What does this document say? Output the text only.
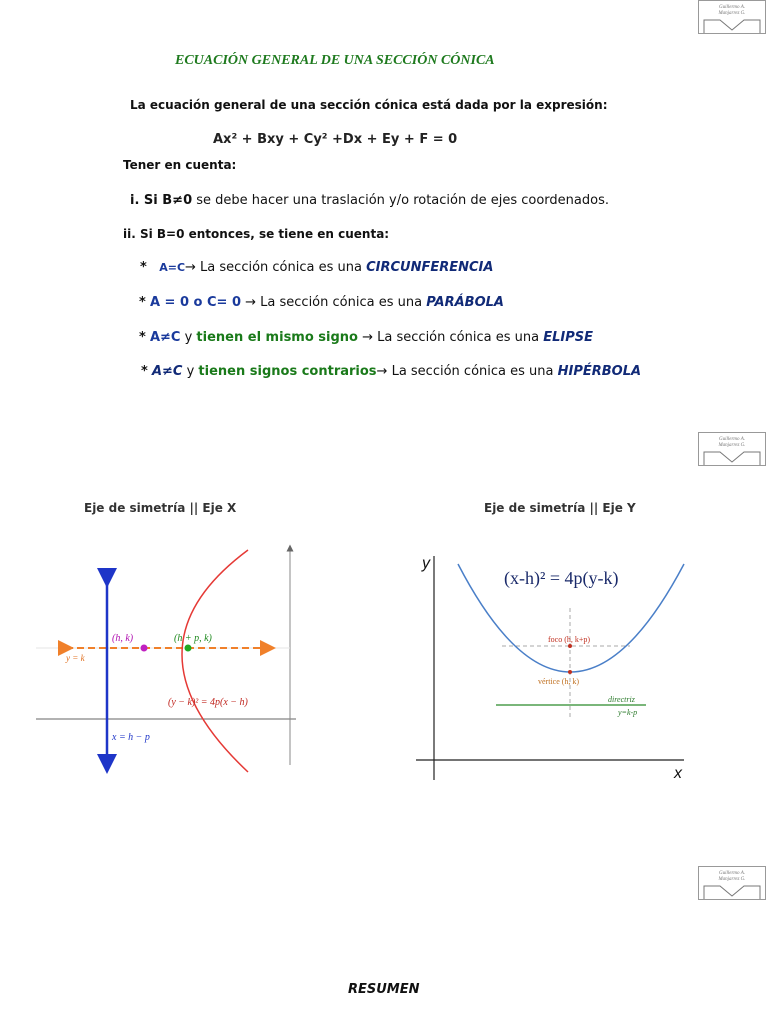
Guillermo A.
Manjarrez G.
Guillermo A.
Manjarrez G.
Guillermo A.
Manjarrez G.
ECUACIÓN GENERAL DE UNA SECCIÓN CÓNICA
La ecuación general de una sección cónica está dada por la expresión:
Ax² + Bxy + Cy² +Dx + Ey + F = 0
Tener en cuenta:
i. Si B≠0 se debe hacer una traslación y/o rotación de ejes coordenados.
ii. Si B=0 entonces, se tiene en cuenta:
* A=C→ La sección cónica es una CIRCUNFERENCIA
* A = 0 o C= 0 → La sección cónica es una PARÁBOLA
* A≠C y tienen el mismo signo → La sección cónica es una ELIPSE
* A≠C y tienen signos contrarios→ La sección cónica es una HIPÉRBOLA
Eje de simetría || Eje X	Eje de simetría || Eje Y
y = k
(h, k)	(h + p, k)
(y − k)² = 4p(x − h)
x = h − p
y
x
(x-h)² = 4p(y-k)
foco (h, k+p)
vértice (h, k)
directriz
y=k-p
RESUMEN
